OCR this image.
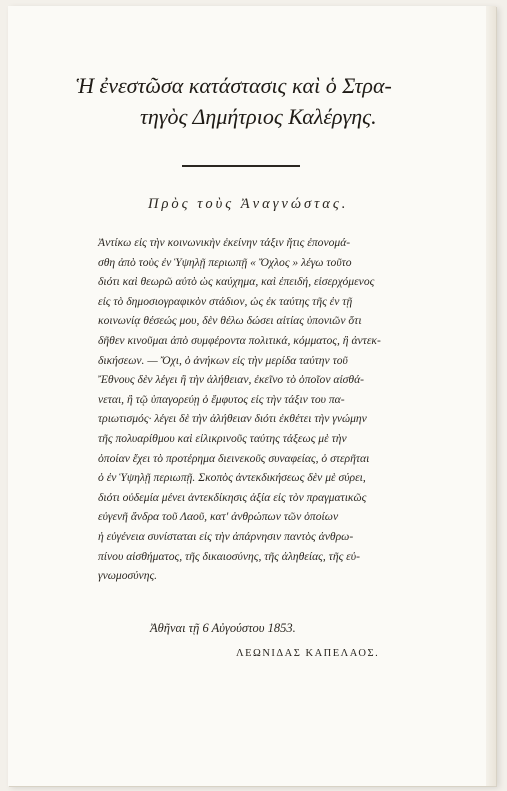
Ἡ ἐνεστῶσα κατάστασις καὶ ὁ Στρα-
τηγὸς Δημήτριος Καλέργης.
Πρὸς τοὺς Ἀναγνώστας.
Ἀντίκω εἰς τὴν κοινωνικὴν ἐκείνην τάξιν ἥτις ἐπονομά-
σθη ἀπὸ τοὺς ἐν Ὑψηλῇ περιωπῇ « Ὄχλος » λέγω τοῦτο
διότι καὶ θεωρῶ αὐτὸ ὡς καύχημα, καὶ ἐπειδή, εἰσερχόμενος
εἰς τὸ δημοσιογραφικὸν στάδιον, ὡς ἐκ ταύτης τῆς ἐν τῇ
κοινωνίᾳ θέσεώς μου, δὲν θέλω δώσει αἰτίας ὑπονιῶν ὅτι
δῆθεν κινοῦμαι ἀπὸ συμφέροντα πολιτικά, κόμματος, ἢ ἀντεκ-
δικήσεων. — Ὄχι, ὁ ἀνήκων εἰς τὴν μερίδα ταύτην τοῦ
Ἔθνους δὲν λέγει ἢ τὴν ἀλήθειαν, ἐκεῖνο τὸ ὁποῖον αἰσθά-
νεται, ἢ τῷ ὑπαγορεύῃ ὁ ἔμφυτος εἰς τὴν τάξιν του πα-
τριωτισμός· λέγει δὲ τὴν ἀλήθειαν διότι ἐκθέτει τὴν γνώμην
τῆς πολυαρίθμου καὶ εἰλικρινοῦς ταύτης τάξεως μὲ τὴν
ὁποίαν ἔχει τὸ προτέρημα διεινεκοῦς συναφείας, ὁ στερῆται
ὁ ἐν Ὑψηλῇ περιωπῇ. Σκοπὸς ἀντεκδικήσεως δὲν μὲ σύρει,
διότι οὐδεμία μένει ἀντεκδίκησις ἀξία εἰς τὸν πραγματικῶς
εὐγενῆ ἄνδρα τοῦ Λαοῦ, κατ' ἀνθρώπων τῶν ὁποίων
ἡ εὐγένεια συνίσταται εἰς τὴν ἀπάρνησιν παντὸς ἀνθρω-
πίνου αἰσθήματος, τῆς δικαιοσύνης, τῆς ἀληθείας, τῆς εὐ-
γνωμοσύνης.
Ἀθῆναι τῇ 6 Αὐγούστου 1853.
ΛΕΩΝΙΔΑΣ ΚΑΠΕΛΑΟΣ.
